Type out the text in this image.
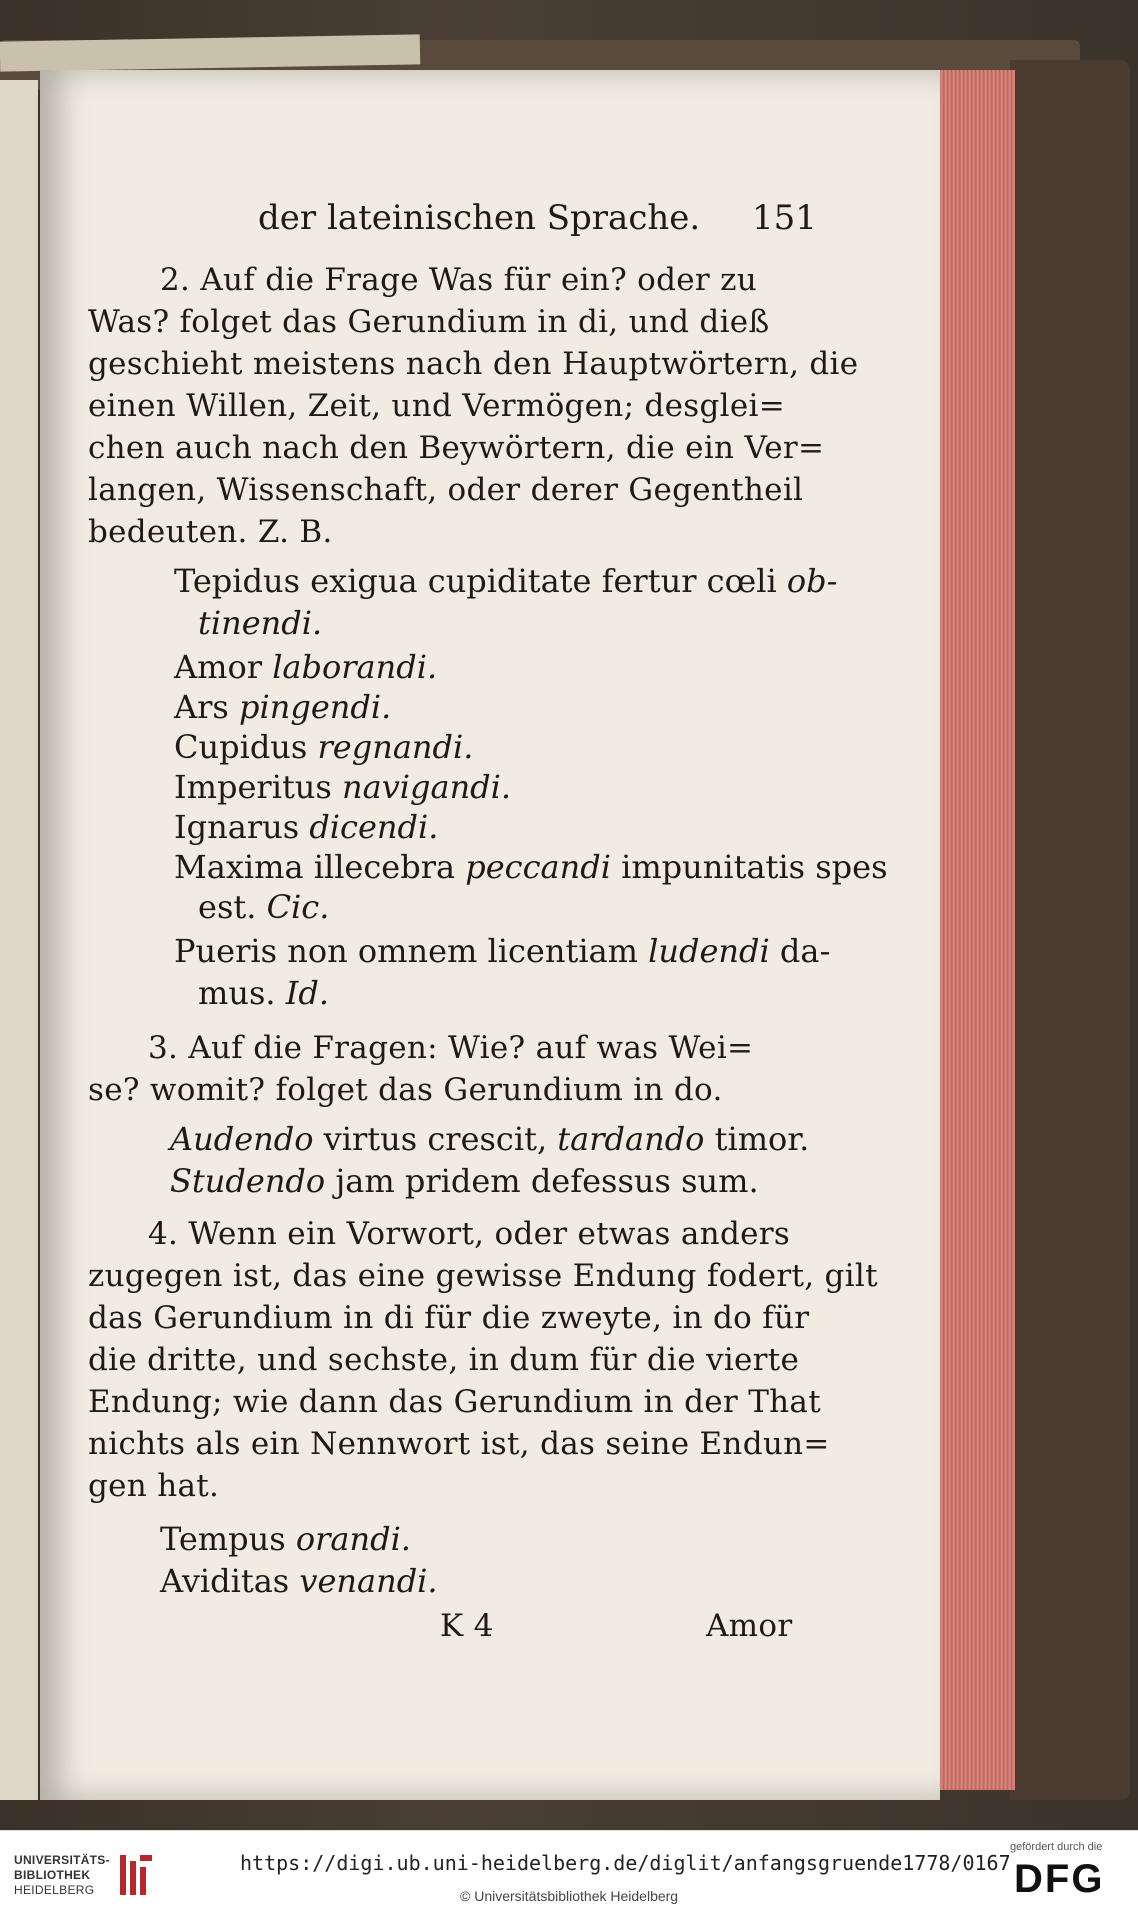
der lateinischen Sprache. 151
2. Auf die Frage Was für ein? oder zu
Was? folget das Gerundium in di, und dieß
geschieht meistens nach den Hauptwörtern, die
einen Willen, Zeit, und Vermögen; desglei=
chen auch nach den Beywörtern, die ein Ver=
langen, Wissenschaft, oder derer Gegentheil
bedeuten. Z. B.
Tepidus exigua cupiditate fertur cœli ob-
tinendi.
Amor laborandi.
Ars pingendi.
Cupidus regnandi.
Imperitus navigandi.
Ignarus dicendi.
Maxima illecebra peccandi impunitatis spes
est. Cic.
Pueris non omnem licentiam ludendi da-
mus. Id.
3. Auf die Fragen: Wie? auf was Wei=
se? womit? folget das Gerundium in do.
Audendo virtus crescit, tardando timor.
Studendo jam pridem defessus sum.
4. Wenn ein Vorwort, oder etwas anders
zugegen ist, das eine gewisse Endung fodert, gilt
das Gerundium in di für die zweyte, in do für
die dritte, und sechste, in dum für die vierte
Endung; wie dann das Gerundium in der That
nichts als ein Nennwort ist, das seine Endun=
gen hat.
Tempus orandi.
Aviditas venandi.
K 4	Amor
UNIVERSITÄTS-
BIBLIOTHEK
HEIDELBERG
https://digi.ub.uni-heidelberg.de/diglit/anfangsgruende1778/0167
© Universitätsbibliothek Heidelberg
gefördert durch die
DFG
